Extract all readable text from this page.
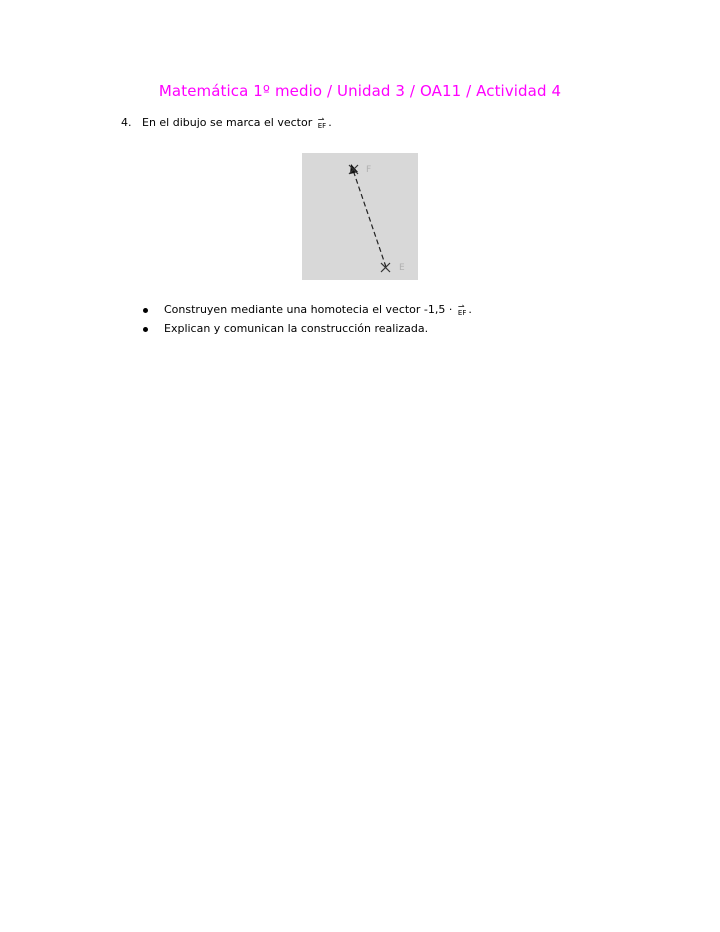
Matemática 1º medio / Unidad 3 / OA11 / Actividad 4
4. En el dibujo se marca el vector ⇀
EF .
F
E
Construyen mediante una homotecia el vector -1,5 · ⇀
EF .
Explican y comunican la construcción realizada.
